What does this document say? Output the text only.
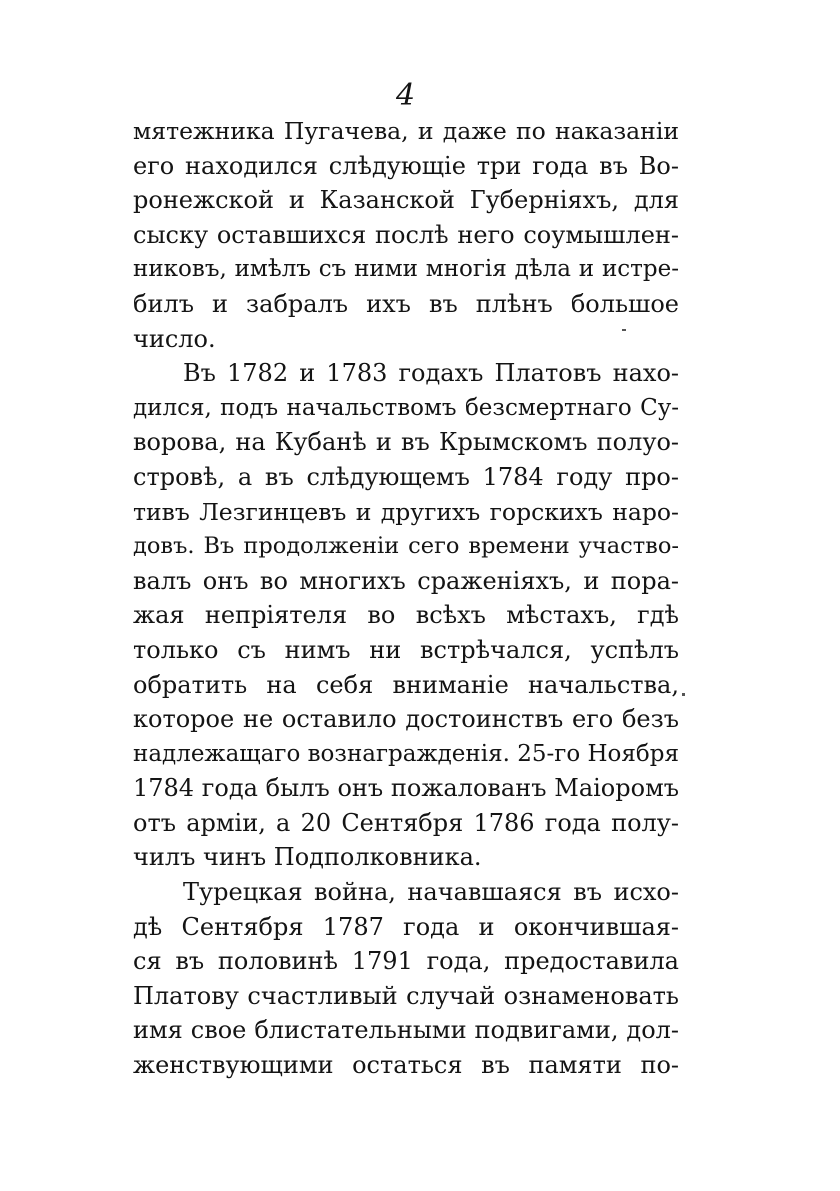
4
мятежника Пугачева, и даже по наказаніи
его находился слѣдующіе три года въ Во-
ронежской и Казанской Губерніяхъ, для
сыску оставшихся послѣ него соумышлен-
никовъ, имѣлъ съ ними многія дѣла и истре-
билъ и забралъ ихъ въ плѣнъ большое
число.
Въ 1782 и 1783 годахъ Платовъ нахо-
дился, подъ начальствомъ безсмертнаго Су-
ворова, на Кубанѣ и въ Крымскомъ полуо-
стровѣ, а въ слѣдующемъ 1784 году про-
тивъ Лезгинцевъ и другихъ горскихъ наро-
довъ. Въ продолженіи сего времени участво-
валъ онъ во многихъ сраженіяхъ, и пора-
жая непріятеля во всѣхъ мѣстахъ, гдѣ
только съ нимъ ни встрѣчался, успѣлъ
обратить на себя вниманіе начальства,
которое не оставило достоинствъ его безъ
надлежащаго вознагражденія. 25-го Ноября
1784 года былъ онъ пожалованъ Маіоромъ
отъ арміи, а 20 Сентября 1786 года полу-
чилъ чинъ Подполковника.
Турецкая война, начавшаяся въ исхо-
дѣ Сентября 1787 года и окончившая-
ся въ половинѣ 1791 года, предоставила
Платову счастливый случай ознаменовать
имя свое блистательными подвигами, дол-
женствующими остаться въ памяти по-
